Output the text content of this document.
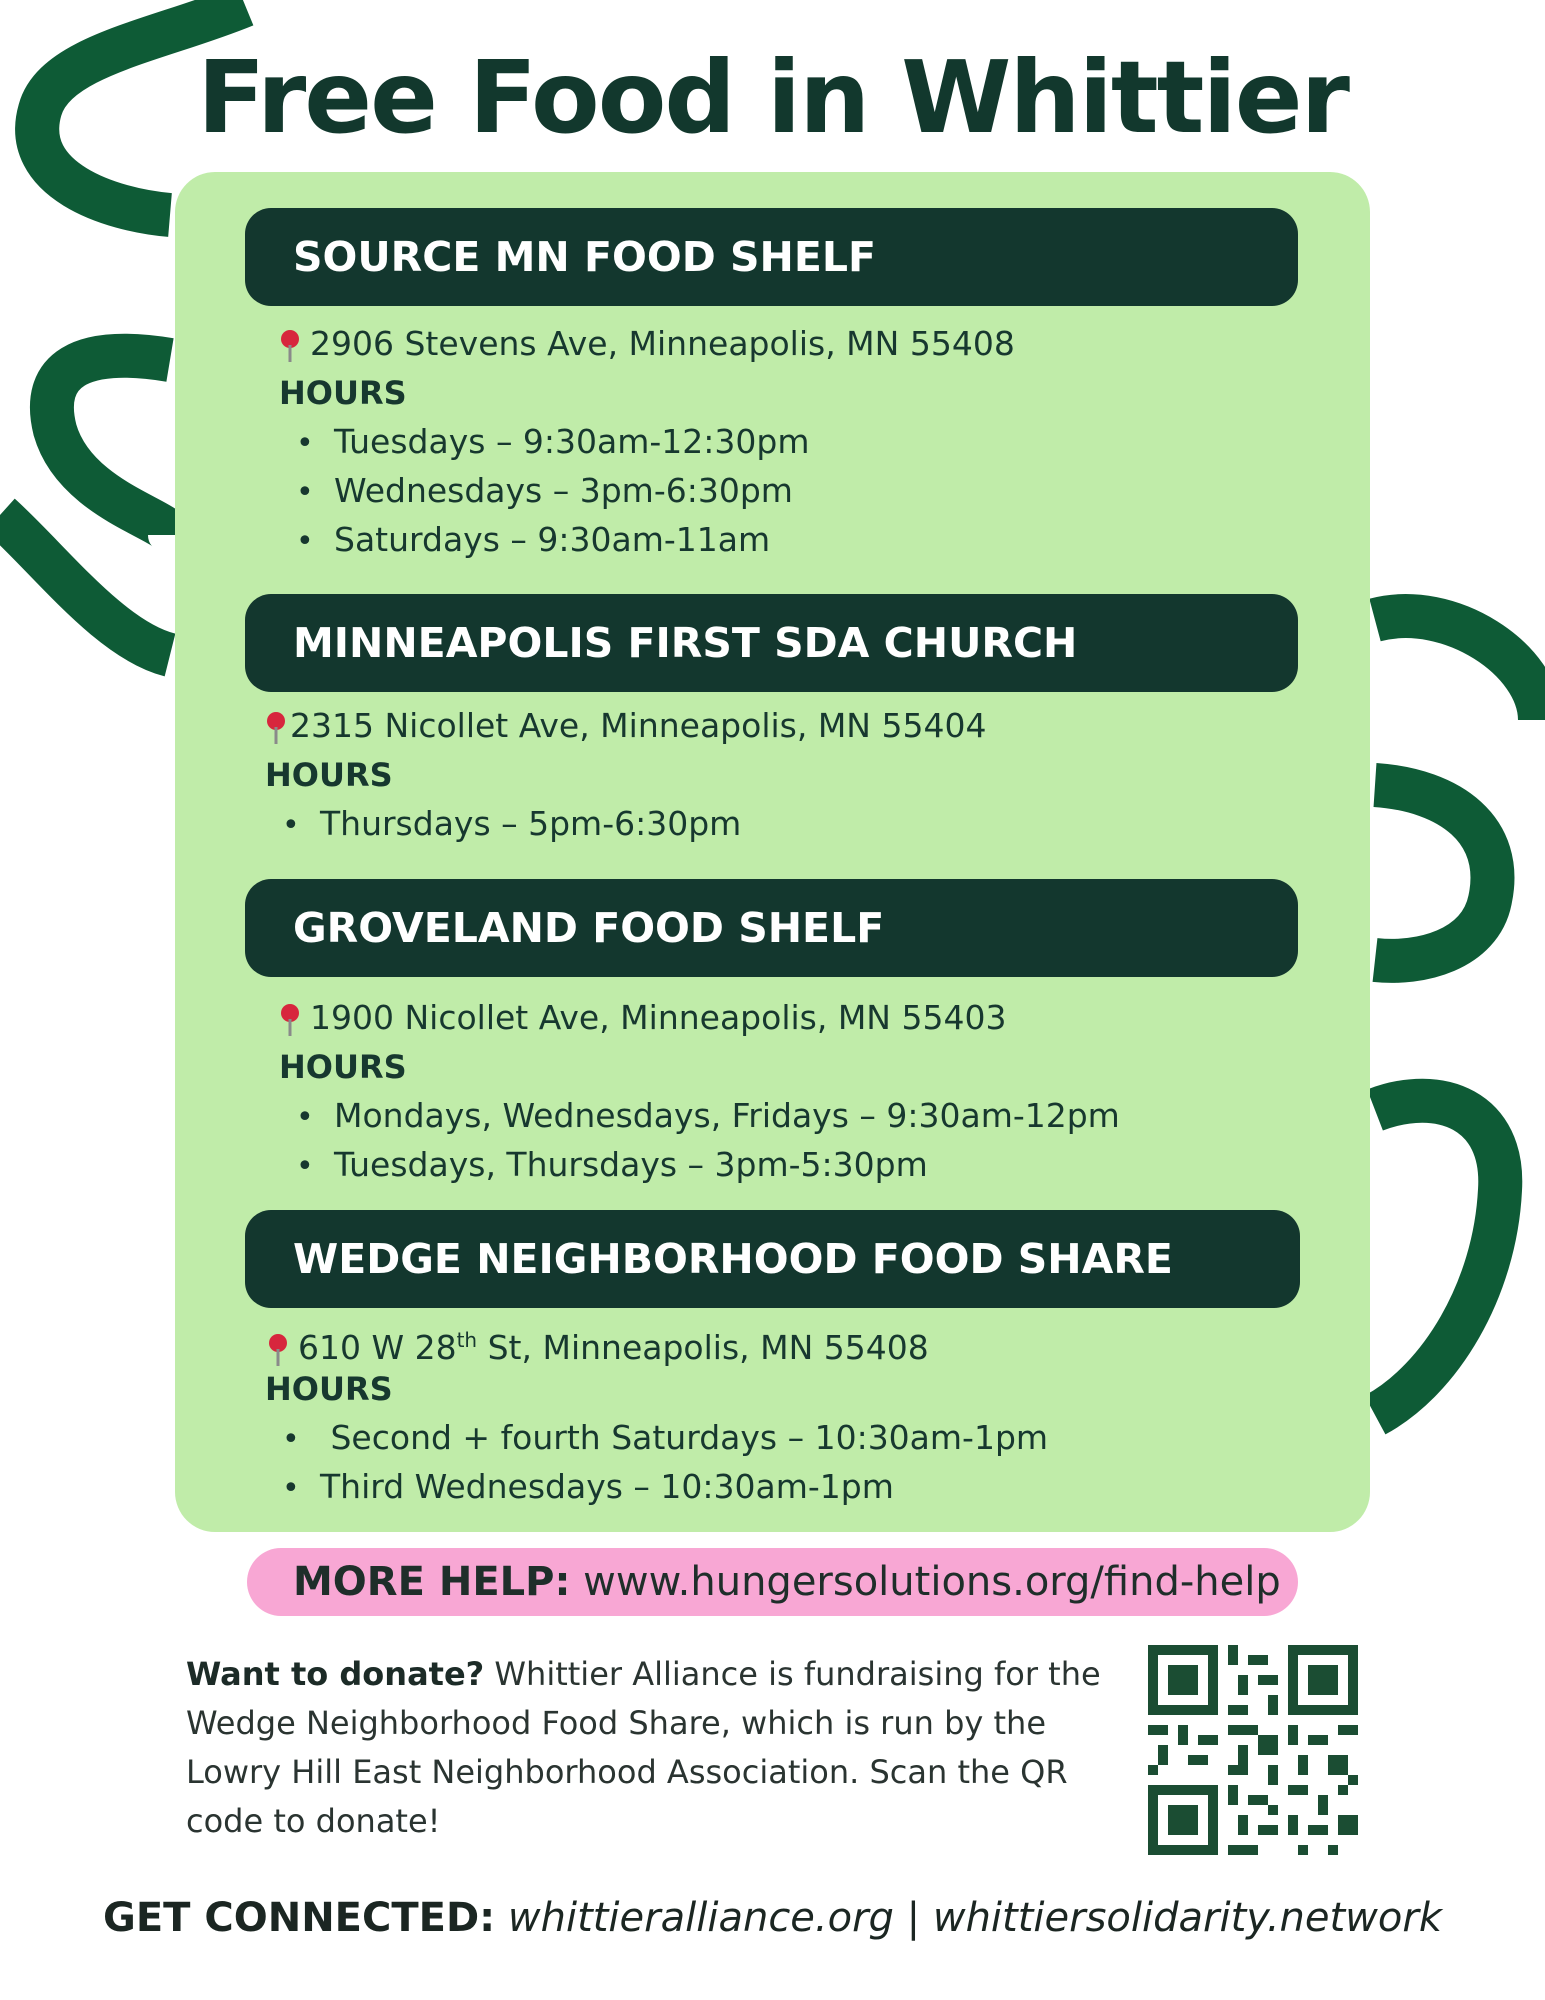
Free Food in Whittier
SOURCE MN FOOD SHELF
2906 Stevens Ave, Minneapolis, MN 55408
HOURS
• Tuesdays – 9:30am-12:30pm
• Wednesdays – 3pm-6:30pm
• Saturdays – 9:30am-11am
MINNEAPOLIS FIRST SDA CHURCH
2315 Nicollet Ave, Minneapolis, MN 55404
HOURS
• Thursdays – 5pm-6:30pm
GROVELAND FOOD SHELF
1900 Nicollet Ave, Minneapolis, MN 55403
HOURS
• Mondays, Wednesdays, Fridays – 9:30am-12pm
• Tuesdays, Thursdays – 3pm-5:30pm
WEDGE NEIGHBORHOOD FOOD SHARE
610 W 28th St, Minneapolis, MN 55408
HOURS
• Second + fourth Saturdays – 10:30am-1pm
• Third Wednesdays – 10:30am-1pm
MORE HELP: www.hungersolutions.org/find-help
Want to donate? Whittier Alliance is fundraising for the Wedge Neighborhood Food Share, which is run by the Lowry Hill East Neighborhood Association. Scan the QR code to donate!
GET CONNECTED: whittieralliance.org | whittiersolidarity.network
